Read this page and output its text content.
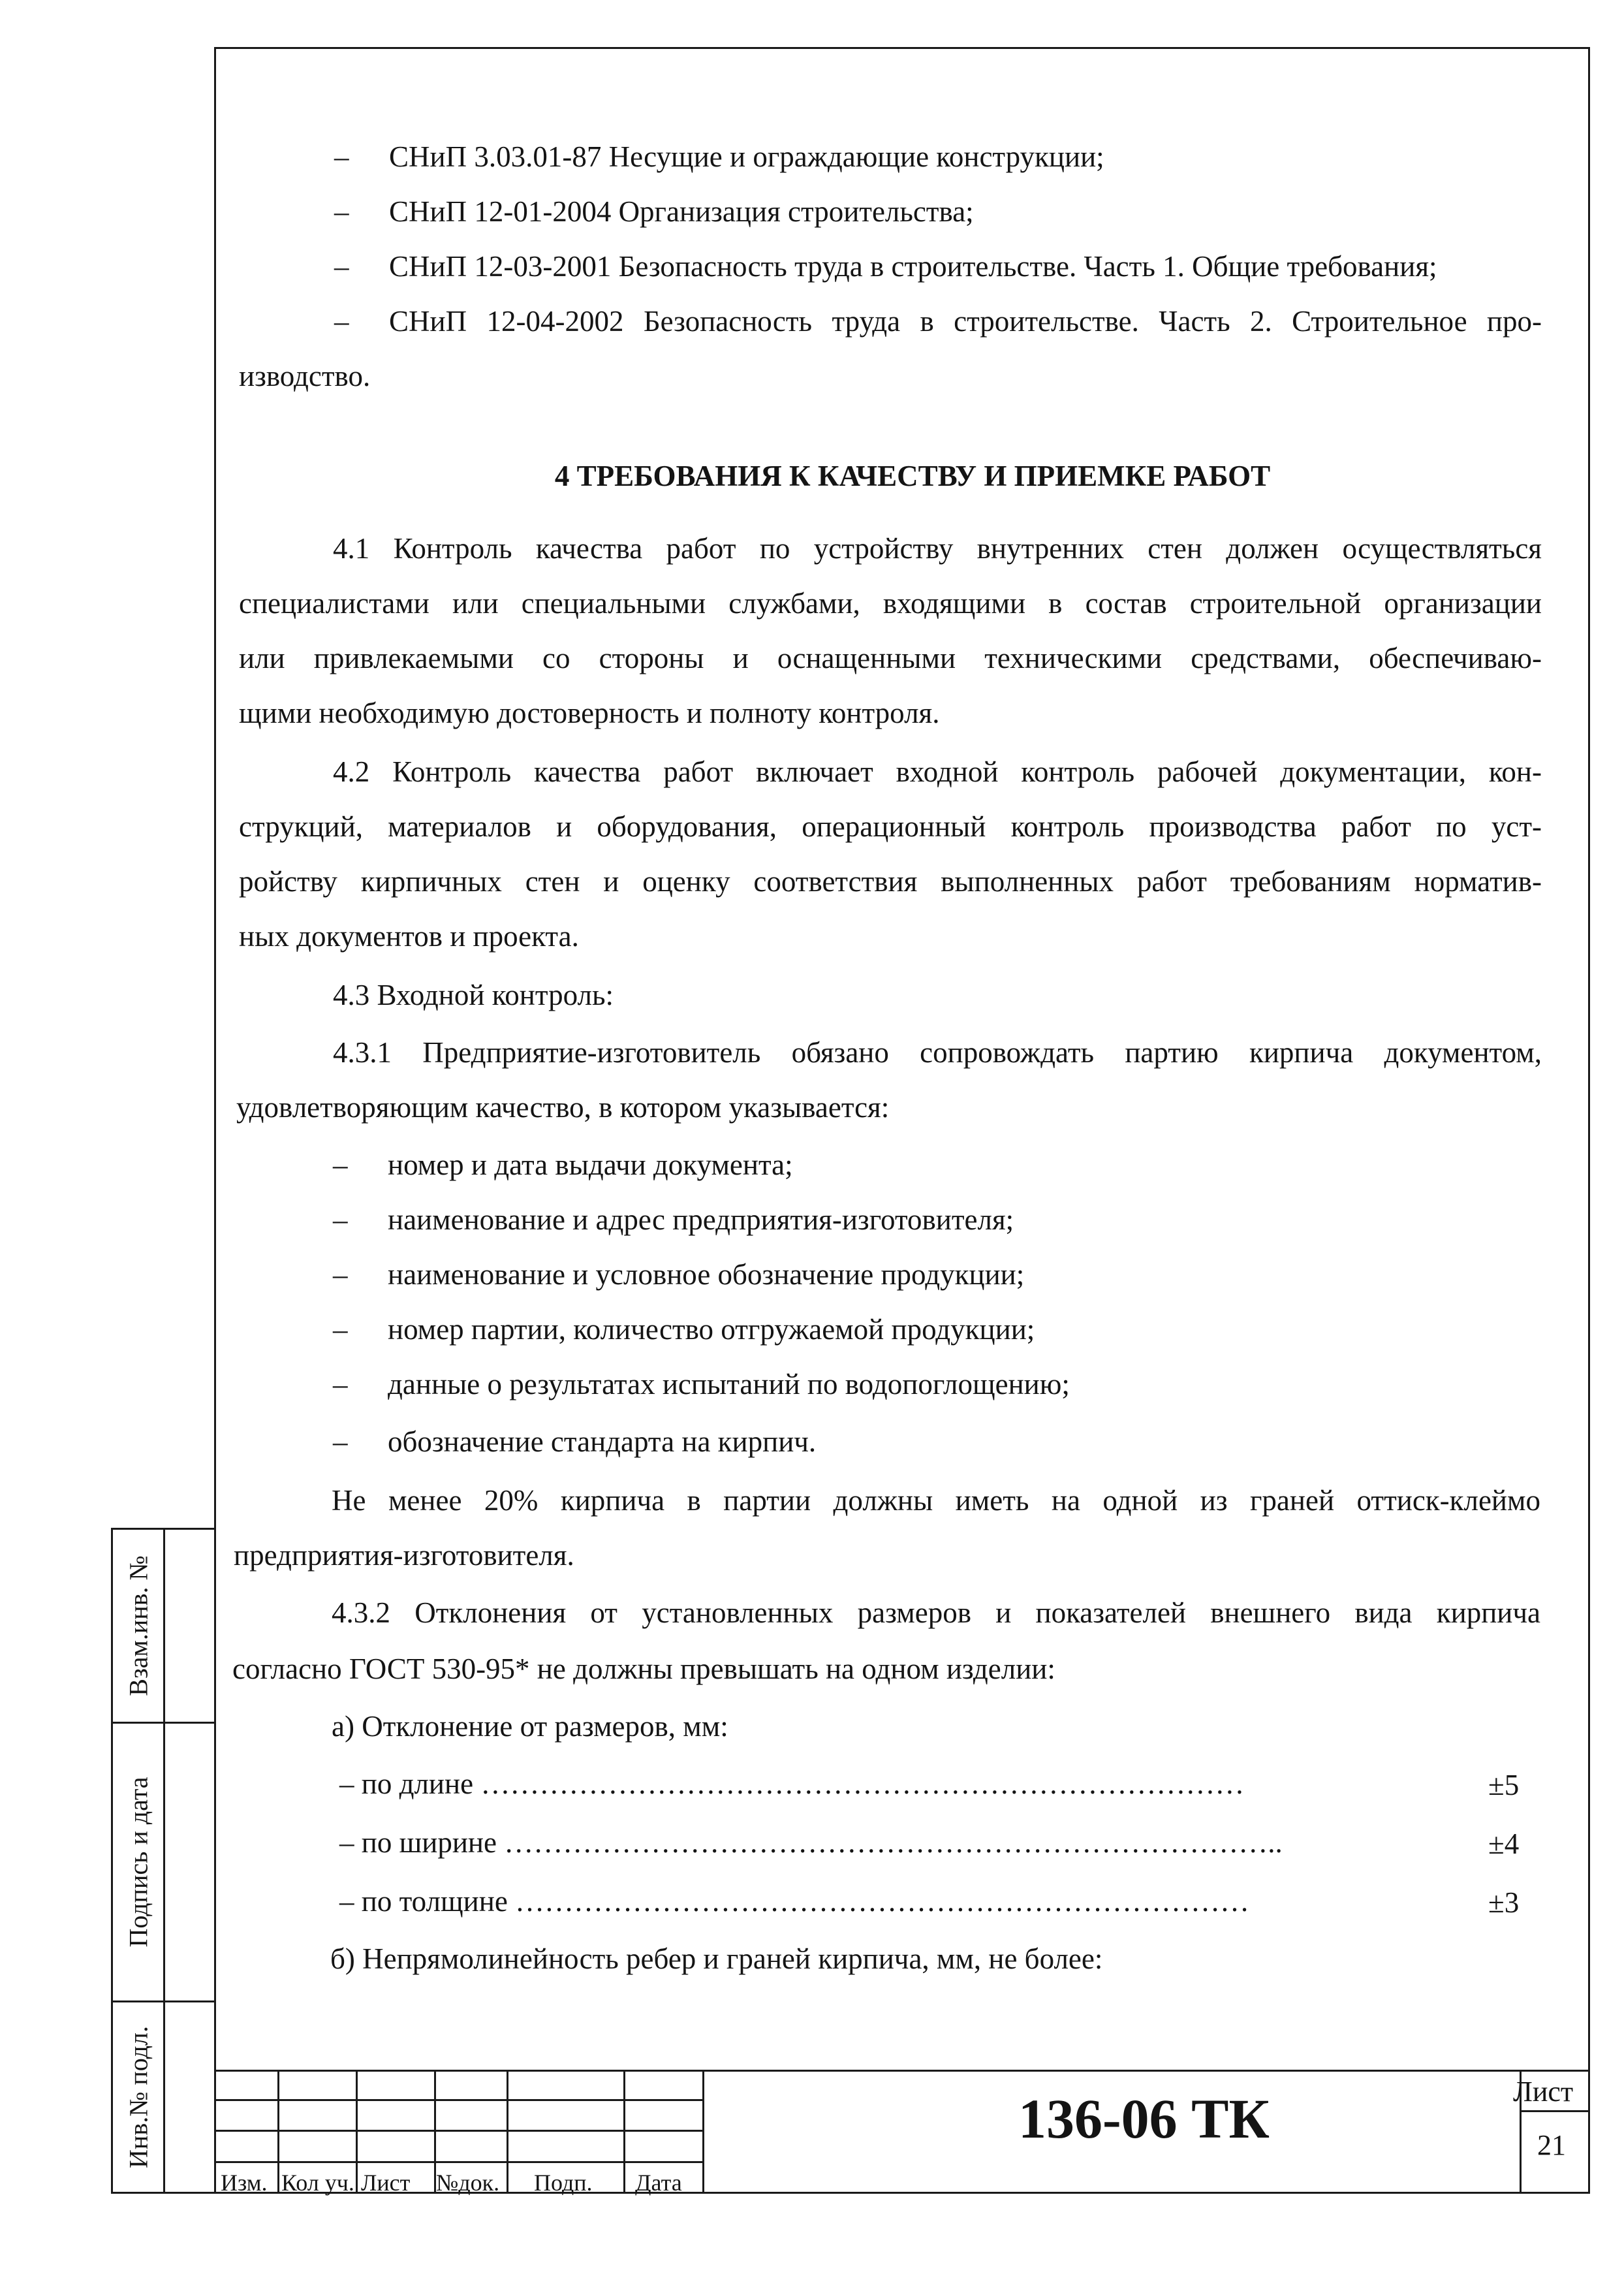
– СНиП 3.03.01-87 Несущие и ограждающие конструкции;
– СНиП 12-01-2004 Организация строительства;
– СНиП 12-03-2001 Безопасность труда в строительстве. Часть 1. Общие требования;
– СНиП 12-04-2002 Безопасность труда в строительстве. Часть 2. Строительное про-
изводство.
4 ТРЕБОВАНИЯ К КАЧЕСТВУ И ПРИЕМКЕ РАБОТ
4.1 Контроль качества работ по устройству внутренних стен должен осуществляться
специалистами или специальными службами, входящими в состав строительной организации
или привлекаемыми со стороны и оснащенными техническими средствами, обеспечиваю-
щими необходимую достоверность и полноту контроля.
4.2 Контроль качества работ включает входной контроль рабочей документации, кон-
струкций, материалов и оборудования, операционный контроль производства работ по уст-
ройству кирпичных стен и оценку соответствия выполненных работ требованиям норматив-
ных документов и проекта.
4.3 Входной контроль:
4.3.1 Предприятие-изготовитель обязано сопровождать партию кирпича документом,
удовлетворяющим качество, в котором указывается:
– номер и дата выдачи документа;
– наименование и адрес предприятия-изготовителя;
– наименование и условное обозначение продукции;
– номер партии, количество отгружаемой продукции;
– данные о результатах испытаний по водопоглощению;
– обозначение стандарта на кирпич.
Не менее 20% кирпича в партии должны иметь на одной из граней оттиск-клеймо
предприятия-изготовителя.
4.3.2 Отклонения от установленных размеров и показателей внешнего вида кирпича
согласно ГОСТ 530-95* не должны превышать на одном изделии:
а) Отклонение от размеров, мм:
– по длине ……………………………………………………………………	±5
– по ширине ……………………………………………………………………..	±4
– по толщине …………………………………………………………………	±3
б) Непрямолинейность ребер и граней кирпича, мм, не более:
Взам.инв. №
Подпись и дата
Инв.№ подл.
Изм. Кол уч. Лист №док. Подп. Дата
136-06 ТК	Лист
21
